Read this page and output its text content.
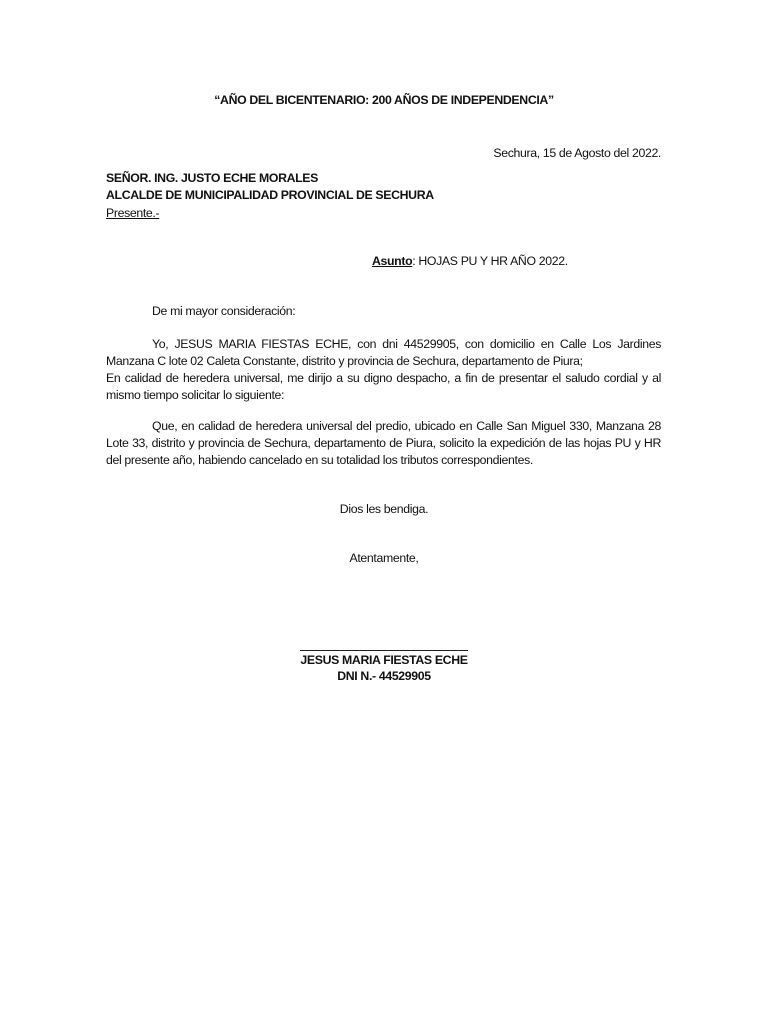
“AÑO DEL BICENTENARIO: 200 AÑOS DE INDEPENDENCIA”
Sechura, 15 de Agosto del 2022.
SEÑOR. ING. JUSTO ECHE MORALES
ALCALDE DE MUNICIPALIDAD PROVINCIAL DE SECHURA
Presente.-
Asunto: HOJAS PU Y HR AÑO 2022.
De mi mayor consideración:
Yo, JESUS MARIA FIESTAS ECHE, con dni 44529905, con domicilio en Calle Los Jardines
Manzana C lote 02 Caleta Constante, distrito y provincia de Sechura, departamento de Piura;
En calidad de heredera universal, me dirijo a su digno despacho, a fin de presentar el saludo cordial y al
mismo tiempo solicitar lo siguiente:
Que, en calidad de heredera universal del predio, ubicado en Calle San Miguel 330, Manzana 28
Lote 33, distrito y provincia de Sechura, departamento de Piura, solicito la expedición de las hojas PU y HR
del presente año, habiendo cancelado en su totalidad los tributos correspondientes.
Dios les bendiga.
Atentamente,
JESUS MARIA FIESTAS ECHE
DNI N.- 44529905
